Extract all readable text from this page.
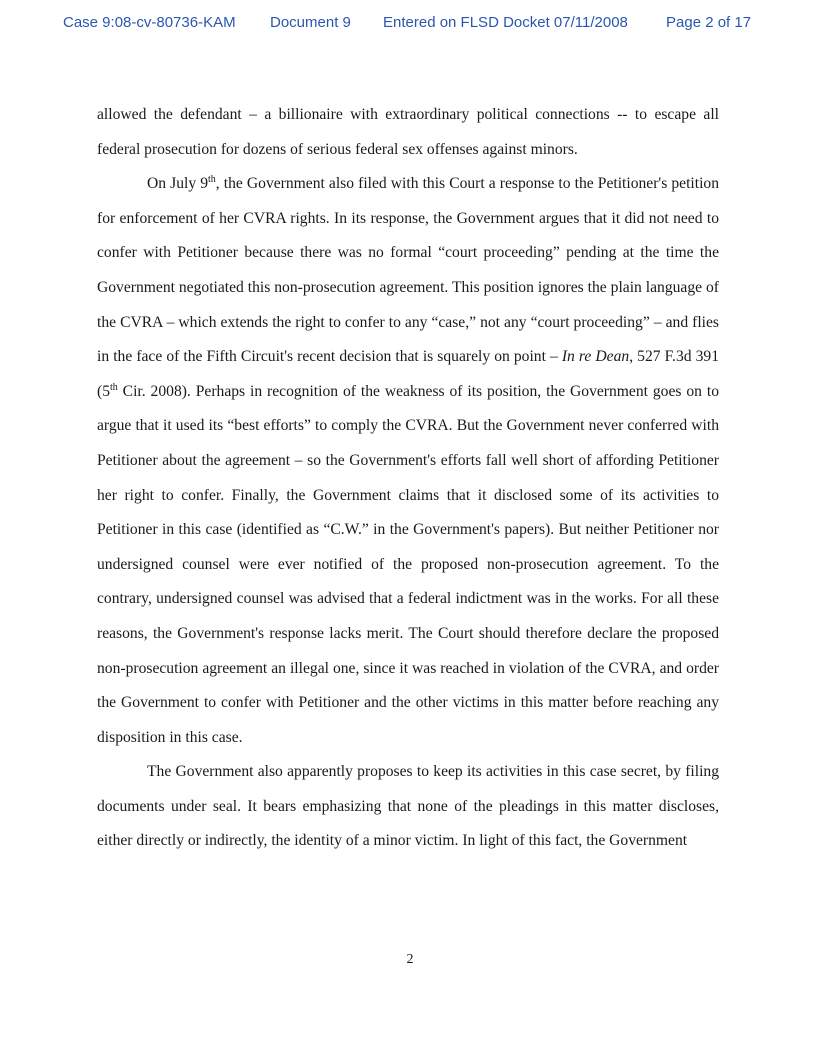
Case 9:08-cv-80736-KAM Document 9 Entered on FLSD Docket 07/11/2008	Page 2 of 17

allowed the defendant – a billionaire with extraordinary political connections -- to escape all federal prosecution for dozens of serious federal sex offenses against minors.

On July 9th, the Government also filed with this Court a response to the Petitioner's petition for enforcement of her CVRA rights. In its response, the Government argues that it did not need to confer with Petitioner because there was no formal “court proceeding” pending at the time the Government negotiated this non-prosecution agreement. This position ignores the plain language of the CVRA – which extends the right to confer to any “case,” not any “court proceeding” – and flies in the face of the Fifth Circuit's recent decision that is squarely on point – In re Dean, 527 F.3d 391 (5th Cir. 2008). Perhaps in recognition of the weakness of its position, the Government goes on to argue that it used its “best efforts” to comply the CVRA. But the Government never conferred with Petitioner about the agreement – so the Government's efforts fall well short of affording Petitioner her right to confer. Finally, the Government claims that it disclosed some of its activities to Petitioner in this case (identified as “C.W.” in the Government's papers). But neither Petitioner nor undersigned counsel were ever notified of the proposed non-prosecution agreement. To the contrary, undersigned counsel was advised that a federal indictment was in the works. For all these reasons, the Government's response lacks merit. The Court should therefore declare the proposed non-prosecution agreement an illegal one, since it was reached in violation of the CVRA, and order the Government to confer with Petitioner and the other victims in this matter before reaching any disposition in this case.

The Government also apparently proposes to keep its activities in this case secret, by filing documents under seal. It bears emphasizing that none of the pleadings in this matter discloses, either directly or indirectly, the identity of a minor victim. In light of this fact, the Government

2
